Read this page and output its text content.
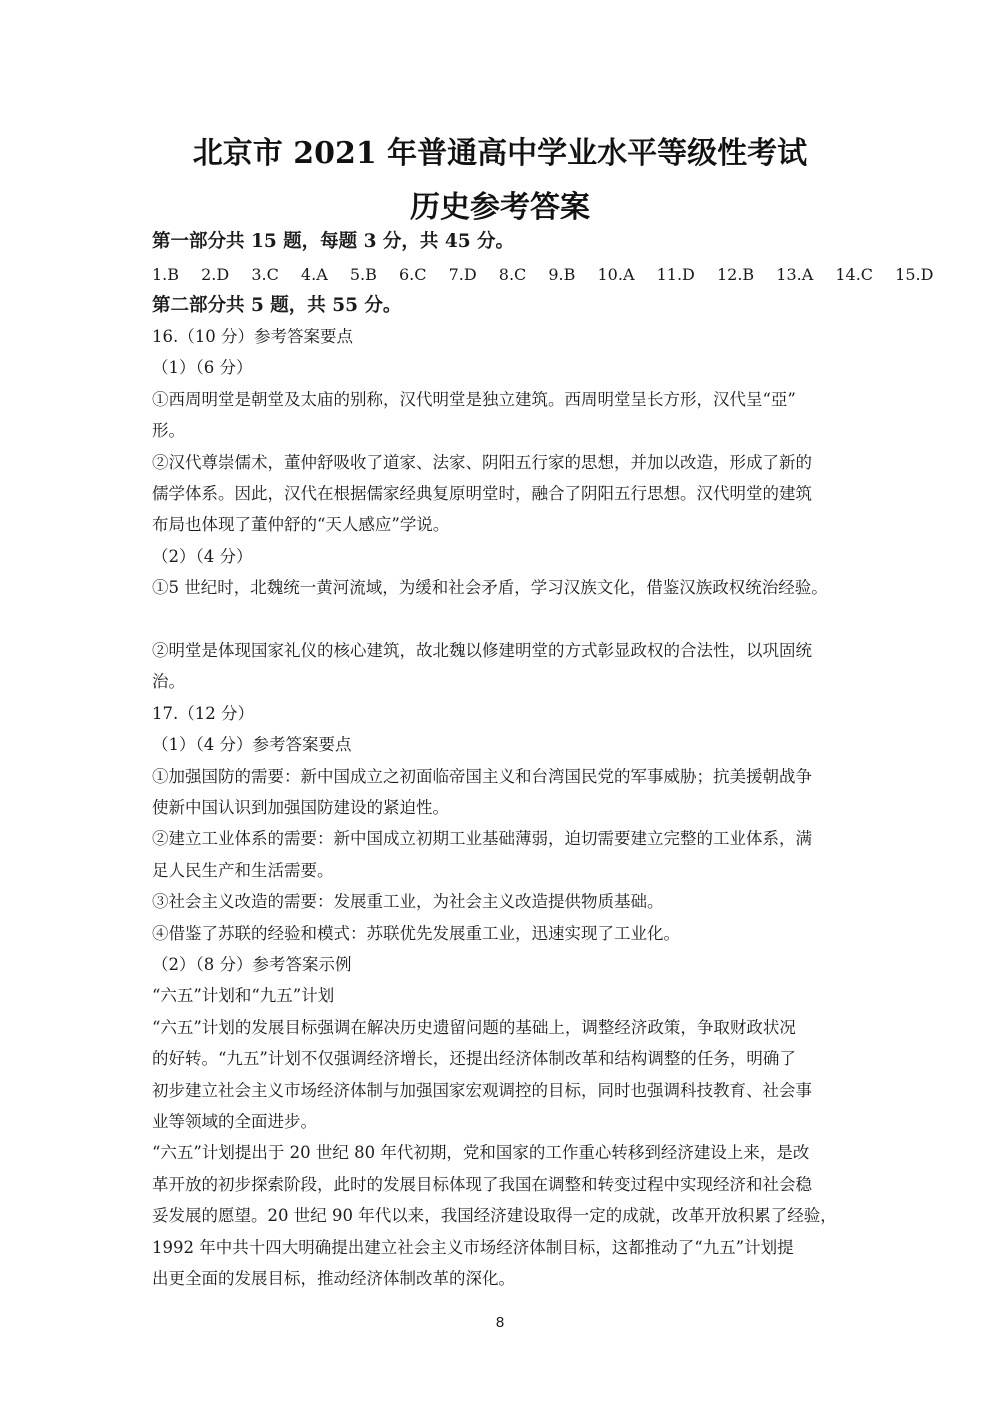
北京市 2021 年普通高中学业水平等级性考试
历史参考答案
第一部分共 15 题，每题 3 分，共 45 分。
1.B 2.D 3.C 4.A 5.B 6.C 7.D 8.C 9.B 10.A 11.D 12.B 13.A 14.C 15.D
第二部分共 5 题，共 55 分。
16.（10 分）参考答案要点
（1）（6 分）
①西周明堂是朝堂及太庙的别称，汉代明堂是独立建筑。西周明堂呈长方形，汉代呈“亞”
形。
②汉代尊崇儒术，董仲舒吸收了道家、法家、阴阳五行家的思想，并加以改造，形成了新的
儒学体系。因此，汉代在根据儒家经典复原明堂时，融合了阴阳五行思想。汉代明堂的建筑
布局也体现了董仲舒的“天人感应”学说。
（2）（4 分）
①5 世纪时，北魏统一黄河流域，为缓和社会矛盾，学习汉族文化，借鉴汉族政权统治经验。
②明堂是体现国家礼仪的核心建筑，故北魏以修建明堂的方式彰显政权的合法性，以巩固统
治。
17.（12 分）
（1）（4 分）参考答案要点
①加强国防的需要：新中国成立之初面临帝国主义和台湾国民党的军事威胁；抗美援朝战争
使新中国认识到加强国防建设的紧迫性。
②建立工业体系的需要：新中国成立初期工业基础薄弱，迫切需要建立完整的工业体系，满
足人民生产和生活需要。
③社会主义改造的需要：发展重工业，为社会主义改造提供物质基础。
④借鉴了苏联的经验和模式：苏联优先发展重工业，迅速实现了工业化。
（2）（8 分）参考答案示例
“六五”计划和“九五”计划
“六五”计划的发展目标强调在解决历史遗留问题的基础上，调整经济政策，争取财政状况
的好转。“九五”计划不仅强调经济增长，还提出经济体制改革和结构调整的任务，明确了
初步建立社会主义市场经济体制与加强国家宏观调控的目标，同时也强调科技教育、社会事
业等领域的全面进步。
“六五”计划提出于 20 世纪 80 年代初期，党和国家的工作重心转移到经济建设上来，是改
革开放的初步探索阶段，此时的发展目标体现了我国在调整和转变过程中实现经济和社会稳
妥发展的愿望。20 世纪 90 年代以来，我国经济建设取得一定的成就，改革开放积累了经验，
1992 年中共十四大明确提出建立社会主义市场经济体制目标，这都推动了“九五”计划提
出更全面的发展目标，推动经济体制改革的深化。
8
